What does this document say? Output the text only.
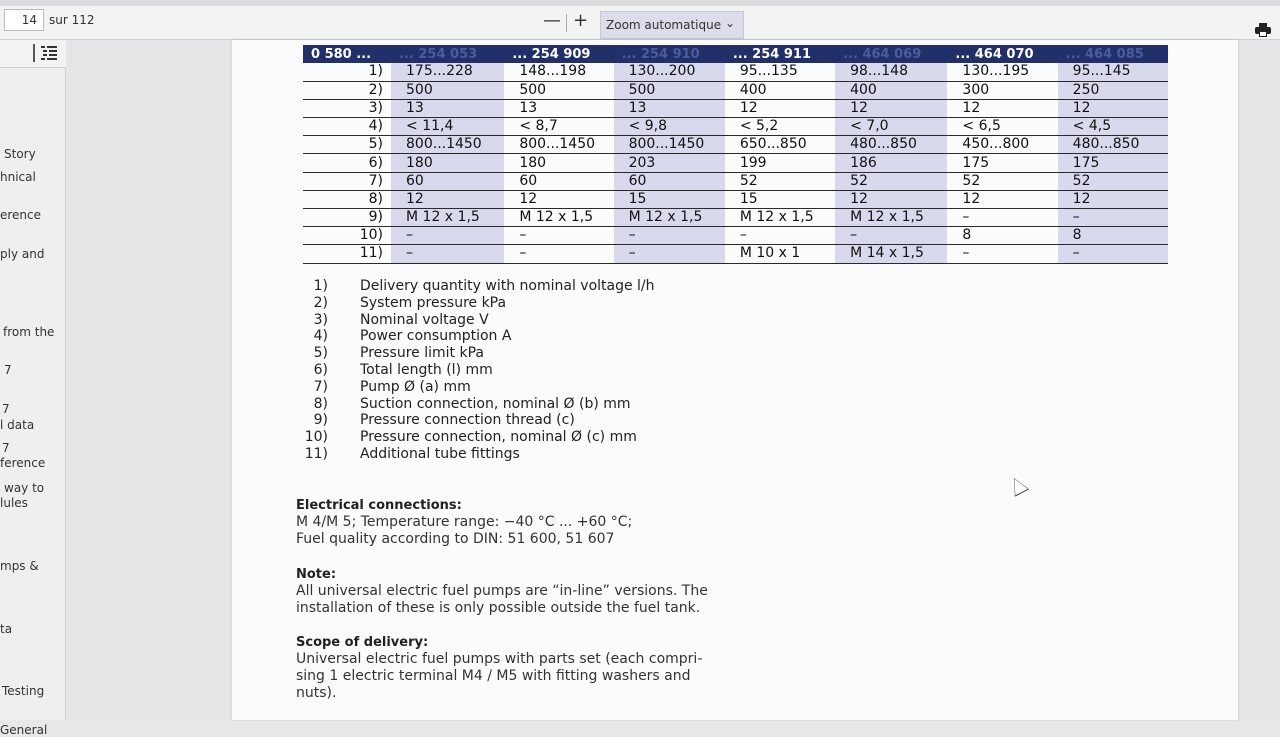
14	sur 112	— +	Zoom automatique ⌄
Story
hnical
erence
ply and
from the
7
7
l data
7
ference
way to
lules
mps &
ta
Testing
General
0 580 ...	... 254 053	... 254 909	... 254 910	... 254 911	... 464 069	... 464 070	... 464 085
1)	175...228	148...198	130...200	95...135	98...148	130...195	95...145
2)	500	500	500	400	400	300	250
3)	13	13	13	12	12	12	12
4)	< 11,4	< 8,7	< 9,8	< 5,2	< 7,0	< 6,5	< 4,5
5)	800...1450	800...1450	800...1450	650...850	480...850	450...800	480...850
6)	180	180	203	199	186	175	175
7)	60	60	60	52	52	52	52
8)	12	12	15	15	12	12	12
9)	M 12 x 1,5	M 12 x 1,5	M 12 x 1,5	M 12 x 1,5	M 12 x 1,5	–	–
10)	–	–	–	–	–	8	8
11)	–	–	–	M 10 x 1	M 14 x 1,5	–	–
1) Delivery quantity with nominal voltage l/h
2) System pressure kPa
3) Nominal voltage V
4) Power consumption A
5) Pressure limit kPa
6) Total length (l) mm
7) Pump Ø (a) mm
8) Suction connection, nominal Ø (b) mm
9) Pressure connection thread (c)
10) Pressure connection, nominal Ø (c) mm
11) Additional tube fittings
Electrical connections:
M 4/M 5; Temperature range: −40 °C ... +60 °C;
Fuel quality according to DIN: 51 600, 51 607
Note:
All universal electric fuel pumps are “in-line” versions. The
installation of these is only possible outside the fuel tank.
Scope of delivery:
Universal electric fuel pumps with parts set (each compri-
sing 1 electric terminal M4 / M5 with fitting washers and
nuts).
